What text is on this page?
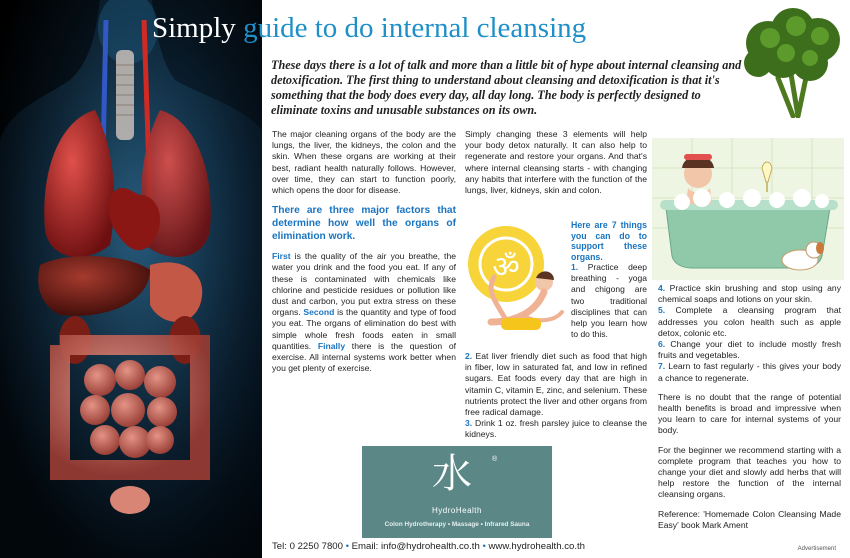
Simply guide to do internal cleansing

These days there is a lot of talk and more than a little bit of hype about internal cleansing and detoxification. The first thing to understand about cleansing and detoxification is that it's something that the body does every day, all day long. The body is perfectly designed to eliminate toxins and unusable substances on its own.

The major cleaning organs of the body are the lungs, the liver, the kidneys, the colon and the skin. When these organs are working at their best, radiant health naturally follows. However, over time, they can start to function poorly, which opens the door for disease.

There are three major factors that determine how well the organs of elimination work.

First is the quality of the air you breathe, the water you drink and the food you eat. If any of these is contaminated with chemicals like chlorine and pesticide residues or pollution like dust and carbon, you put extra stress on these organs. Second is the quantity and type of food you eat. The organs of elimination do best with simple whole fresh foods eaten in small quantities. Finally there is the question of exercise. All internal systems work better when you get plenty of exercise.

Simply changing these 3 elements will help your body detox naturally. It can also help to regenerate and restore your organs. And that's where internal cleansing starts - with changing any habits that interfere with the function of the lungs, liver, kidneys, skin and colon.

ॐ
Here are 7 things you can do to support these organs.
1. Practice deep breathing - yoga and chigong are two traditional disciplines that can help you learn how to do this.
2. Eat liver friendly diet such as food that high in fiber, low in saturated fat, and low in refined sugars. Eat foods every day that are high in vitamin C, vitamin E, zinc, and selenium. These nutrients protect the liver and other organs from free radical damage.
3. Drink 1 oz. fresh parsley juice to cleanse the kidneys.
4. Practice skin brushing and stop using any chemical soaps and lotions on your skin.
5. Complete a cleansing program that addresses you colon health such as apple detox, colonic etc.
6. Change your diet to include mostly fresh fruits and vegetables.

7. Learn to fast regularly - this gives your body a chance to regenerate.

There is no doubt that the range of potential health benefits is broad and impressive when you learn to care for internal systems of your body.

For the beginner we recommend starting with a complete program that teaches you how to change your diet and slowly add herbs that will help restore the function of the internal cleansing organs.

Reference: 'Homemade Colon Cleansing Made Easy' book Mark Ament

水	®
HydroHealth
Colon Hydrotherapy • Massage • Infrared Sauna
Tel: 0 2250 7800 • Email: info@hydrohealth.co.th • www.hydrohealth.co.th	Advertisement
